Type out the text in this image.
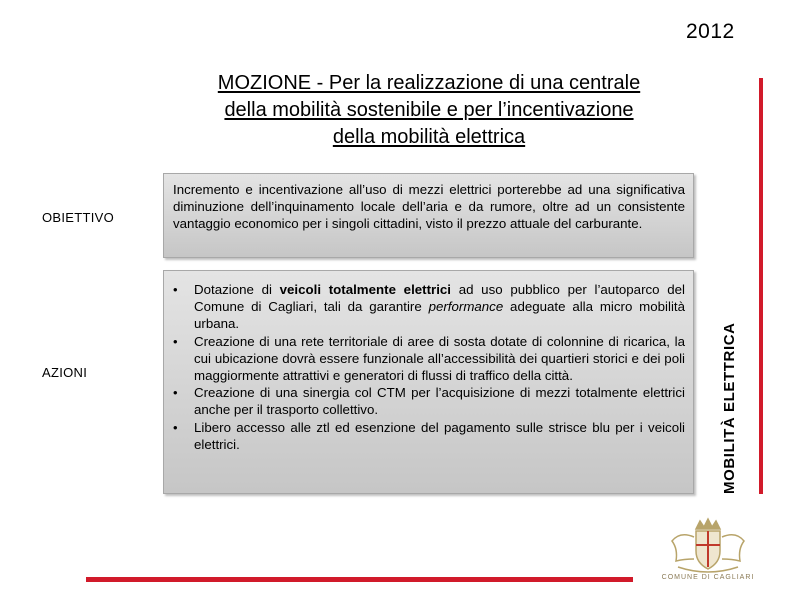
2012
MOZIONE - Per la realizzazione di una centrale
della mobilità sostenibile e per l’incentivazione
della mobilità elettrica
OBIETTIVO
Incremento e incentivazione all’uso di mezzi elettrici porterebbe ad una significativa diminuzione dell’inquinamento locale dell’aria e da rumore, oltre ad un consistente vantaggio economico per i singoli cittadini, visto il prezzo attuale del carburante.
AZIONI
• Dotazione di veicoli totalmente elettrici ad uso pubblico per l’autoparco del Comune di Cagliari, tali da garantire performance adeguate alla micro mobilità urbana.
• Creazione di una rete territoriale di aree di sosta dotate di colonnine di ricarica, la cui ubicazione dovrà essere funzionale all’accessibilità dei quartieri storici e dei poli maggiormente attrattivi e generatori di flussi di traffico della città.
• Creazione di una sinergia col CTM per l’acquisizione di mezzi totalmente elettrici anche per il trasporto collettivo.
• Libero accesso alle ztl ed esenzione del pagamento sulle strisce blu per i veicoli elettrici.	MOBILITÀ ELETTRICA
COMUNE DI CAGLIARI
